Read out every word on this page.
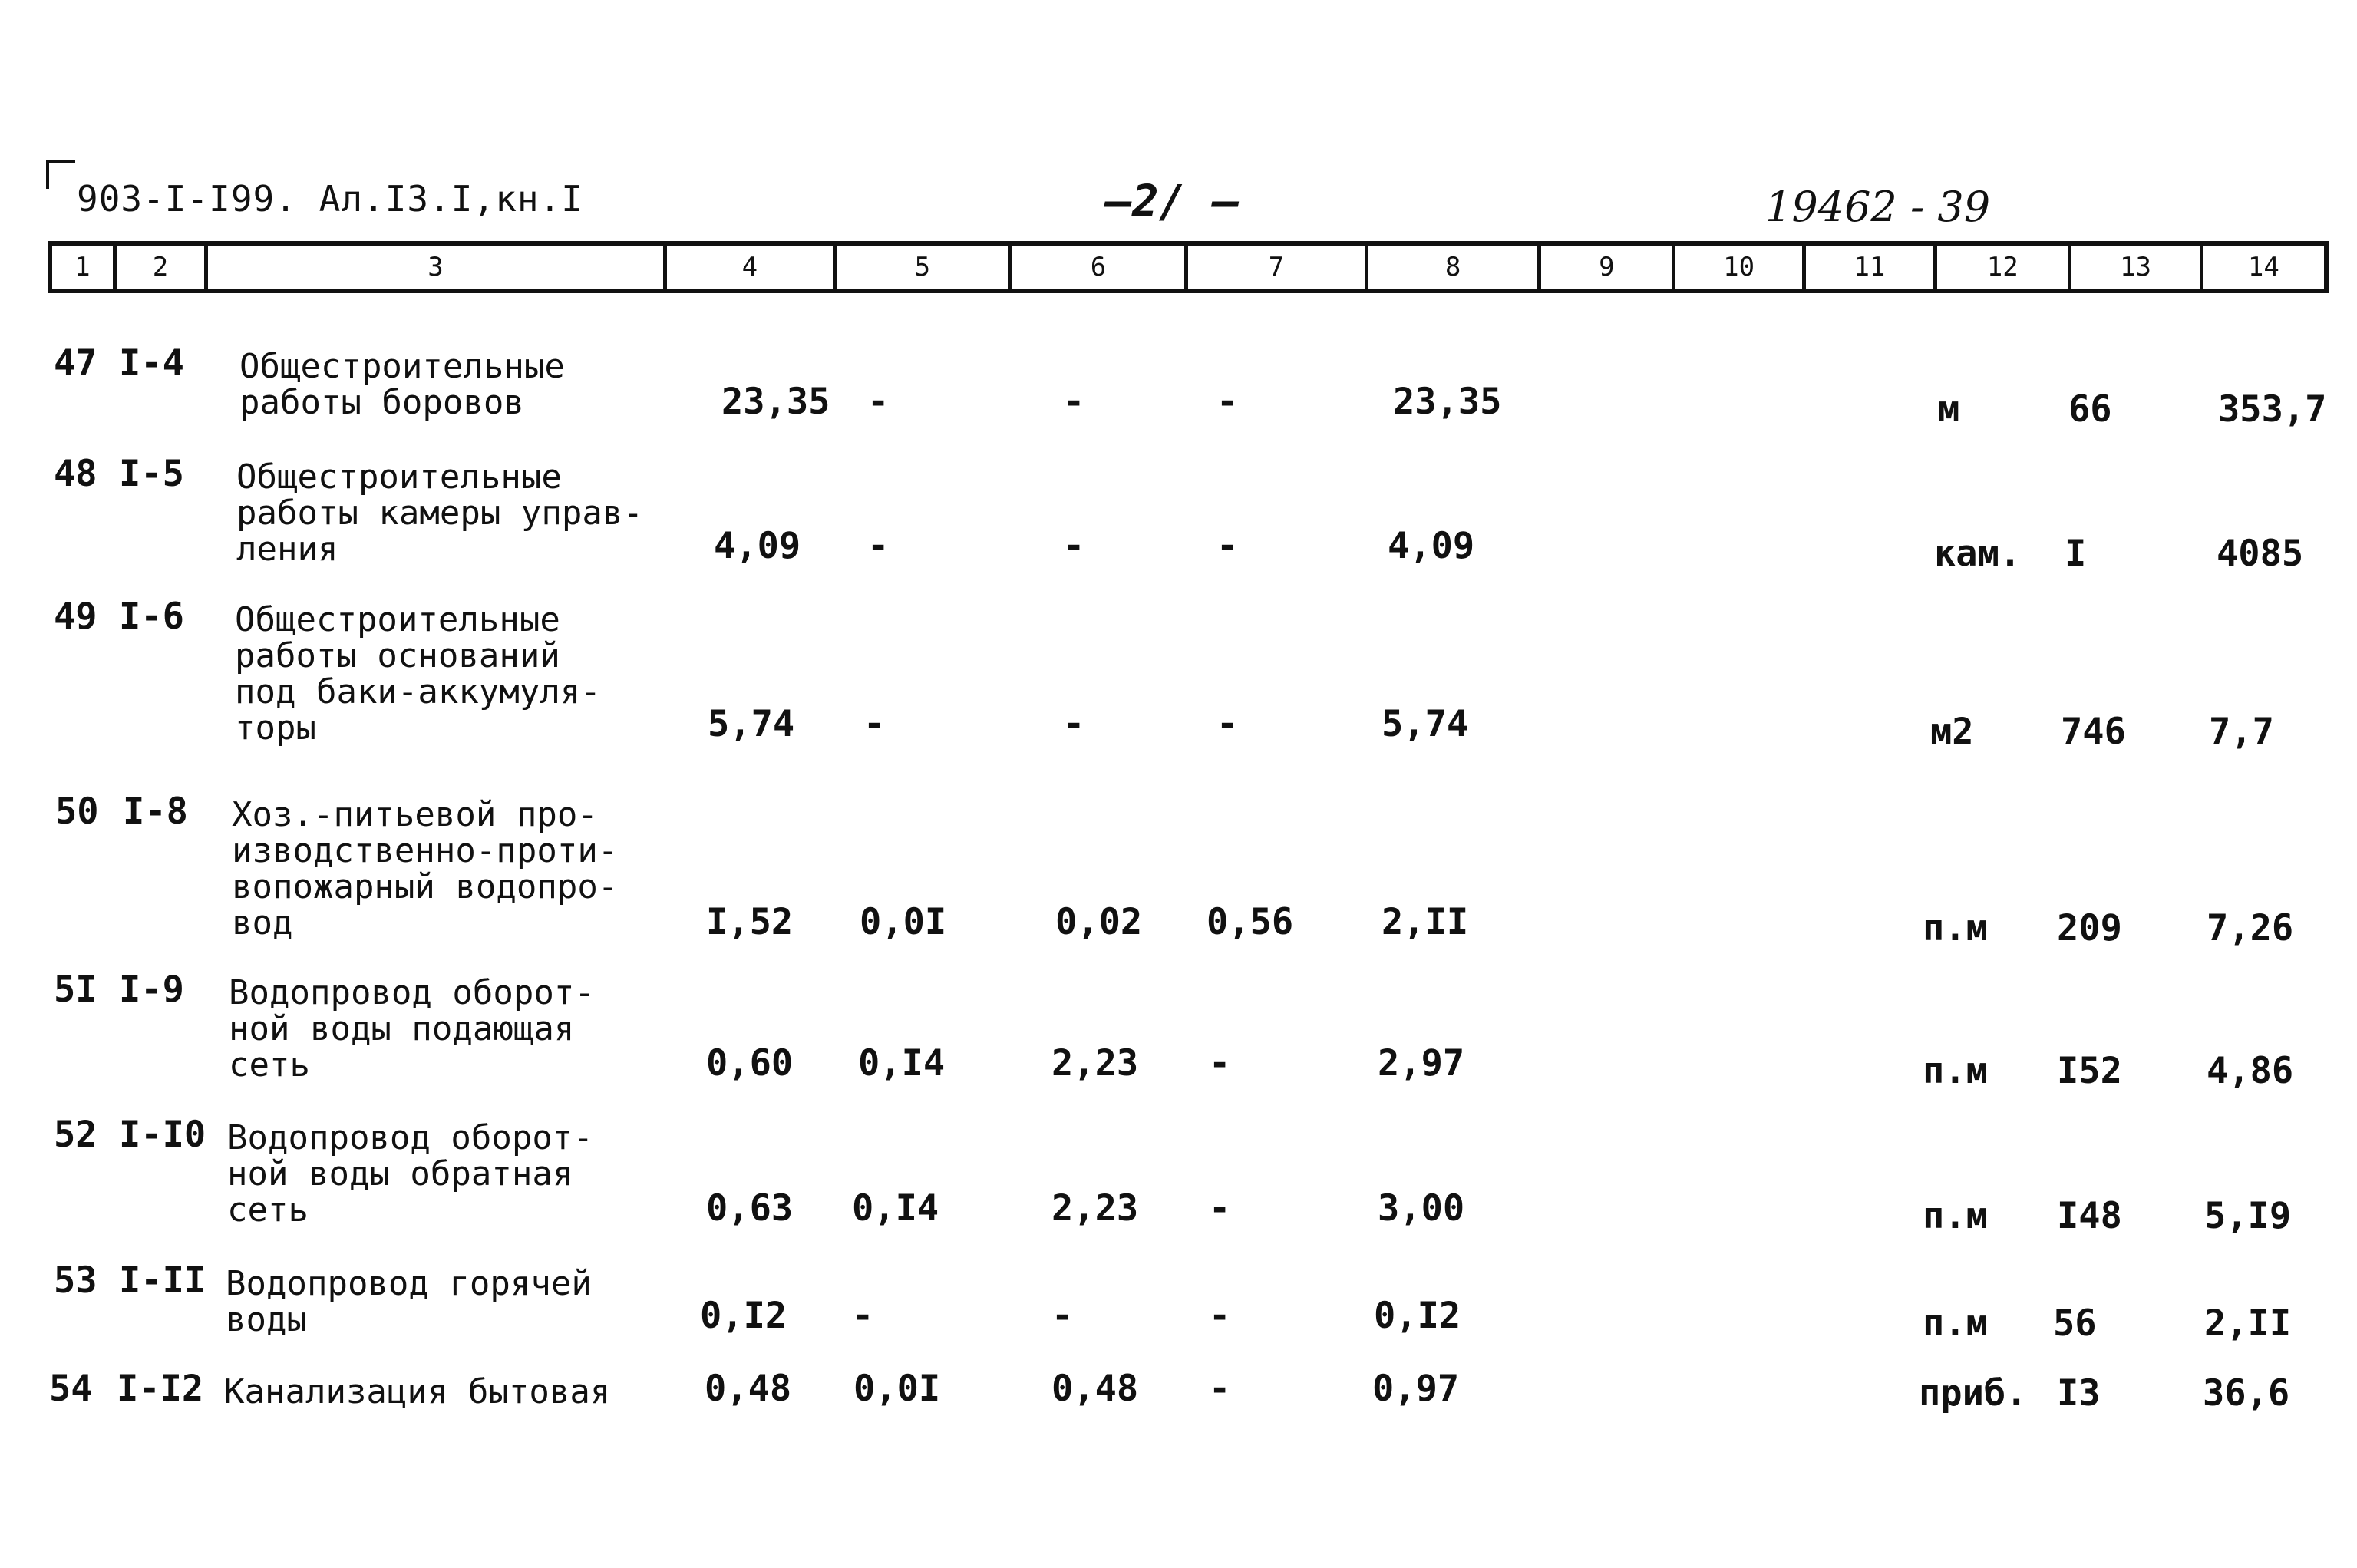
903-I-I99. Ал.I3.I,кн.I	—2/ —	19462 - 39
1	2	3	4	5	6	7	8	9	10	11	12	13	14
47 I-4 Общестроительные
работы боровов	23,35 -	-	-	23,35	м	66	353,7
48 I-5 Общестроительные
работы камеры управ-
ления	4,09 -	-	-	4,09	кам. I	4085
49 I-6 Общестроительные
работы оснований
под баки-аккумуля-
торы	5,74 -	-	-	5,74	м2 746 7,7
50 I-8 Хоз.-питьевой про-
изводственно-проти-
вопожарный водопро-
вод	I,52 0,0I	0,02 0,56 2,II	п.м 209 7,26
5I I-9 Водопровод оборот-
ной воды подающая
сеть	0,60 0,I4	2,23 -	2,97	п.м I52 4,86
52 I-I0 Водопровод оборот-
ной воды обратная
сеть	0,63 0,I4	2,23 -	3,00	п.м I48 5,I9
53 I-II Водопровод горячей
воды	0,I2 -	-	-	0,I2	п.м 56	2,II
54 I-I2 Канализация бытовая	0,48 0,0I	0,48 -	0,97	приб. I3	36,6
